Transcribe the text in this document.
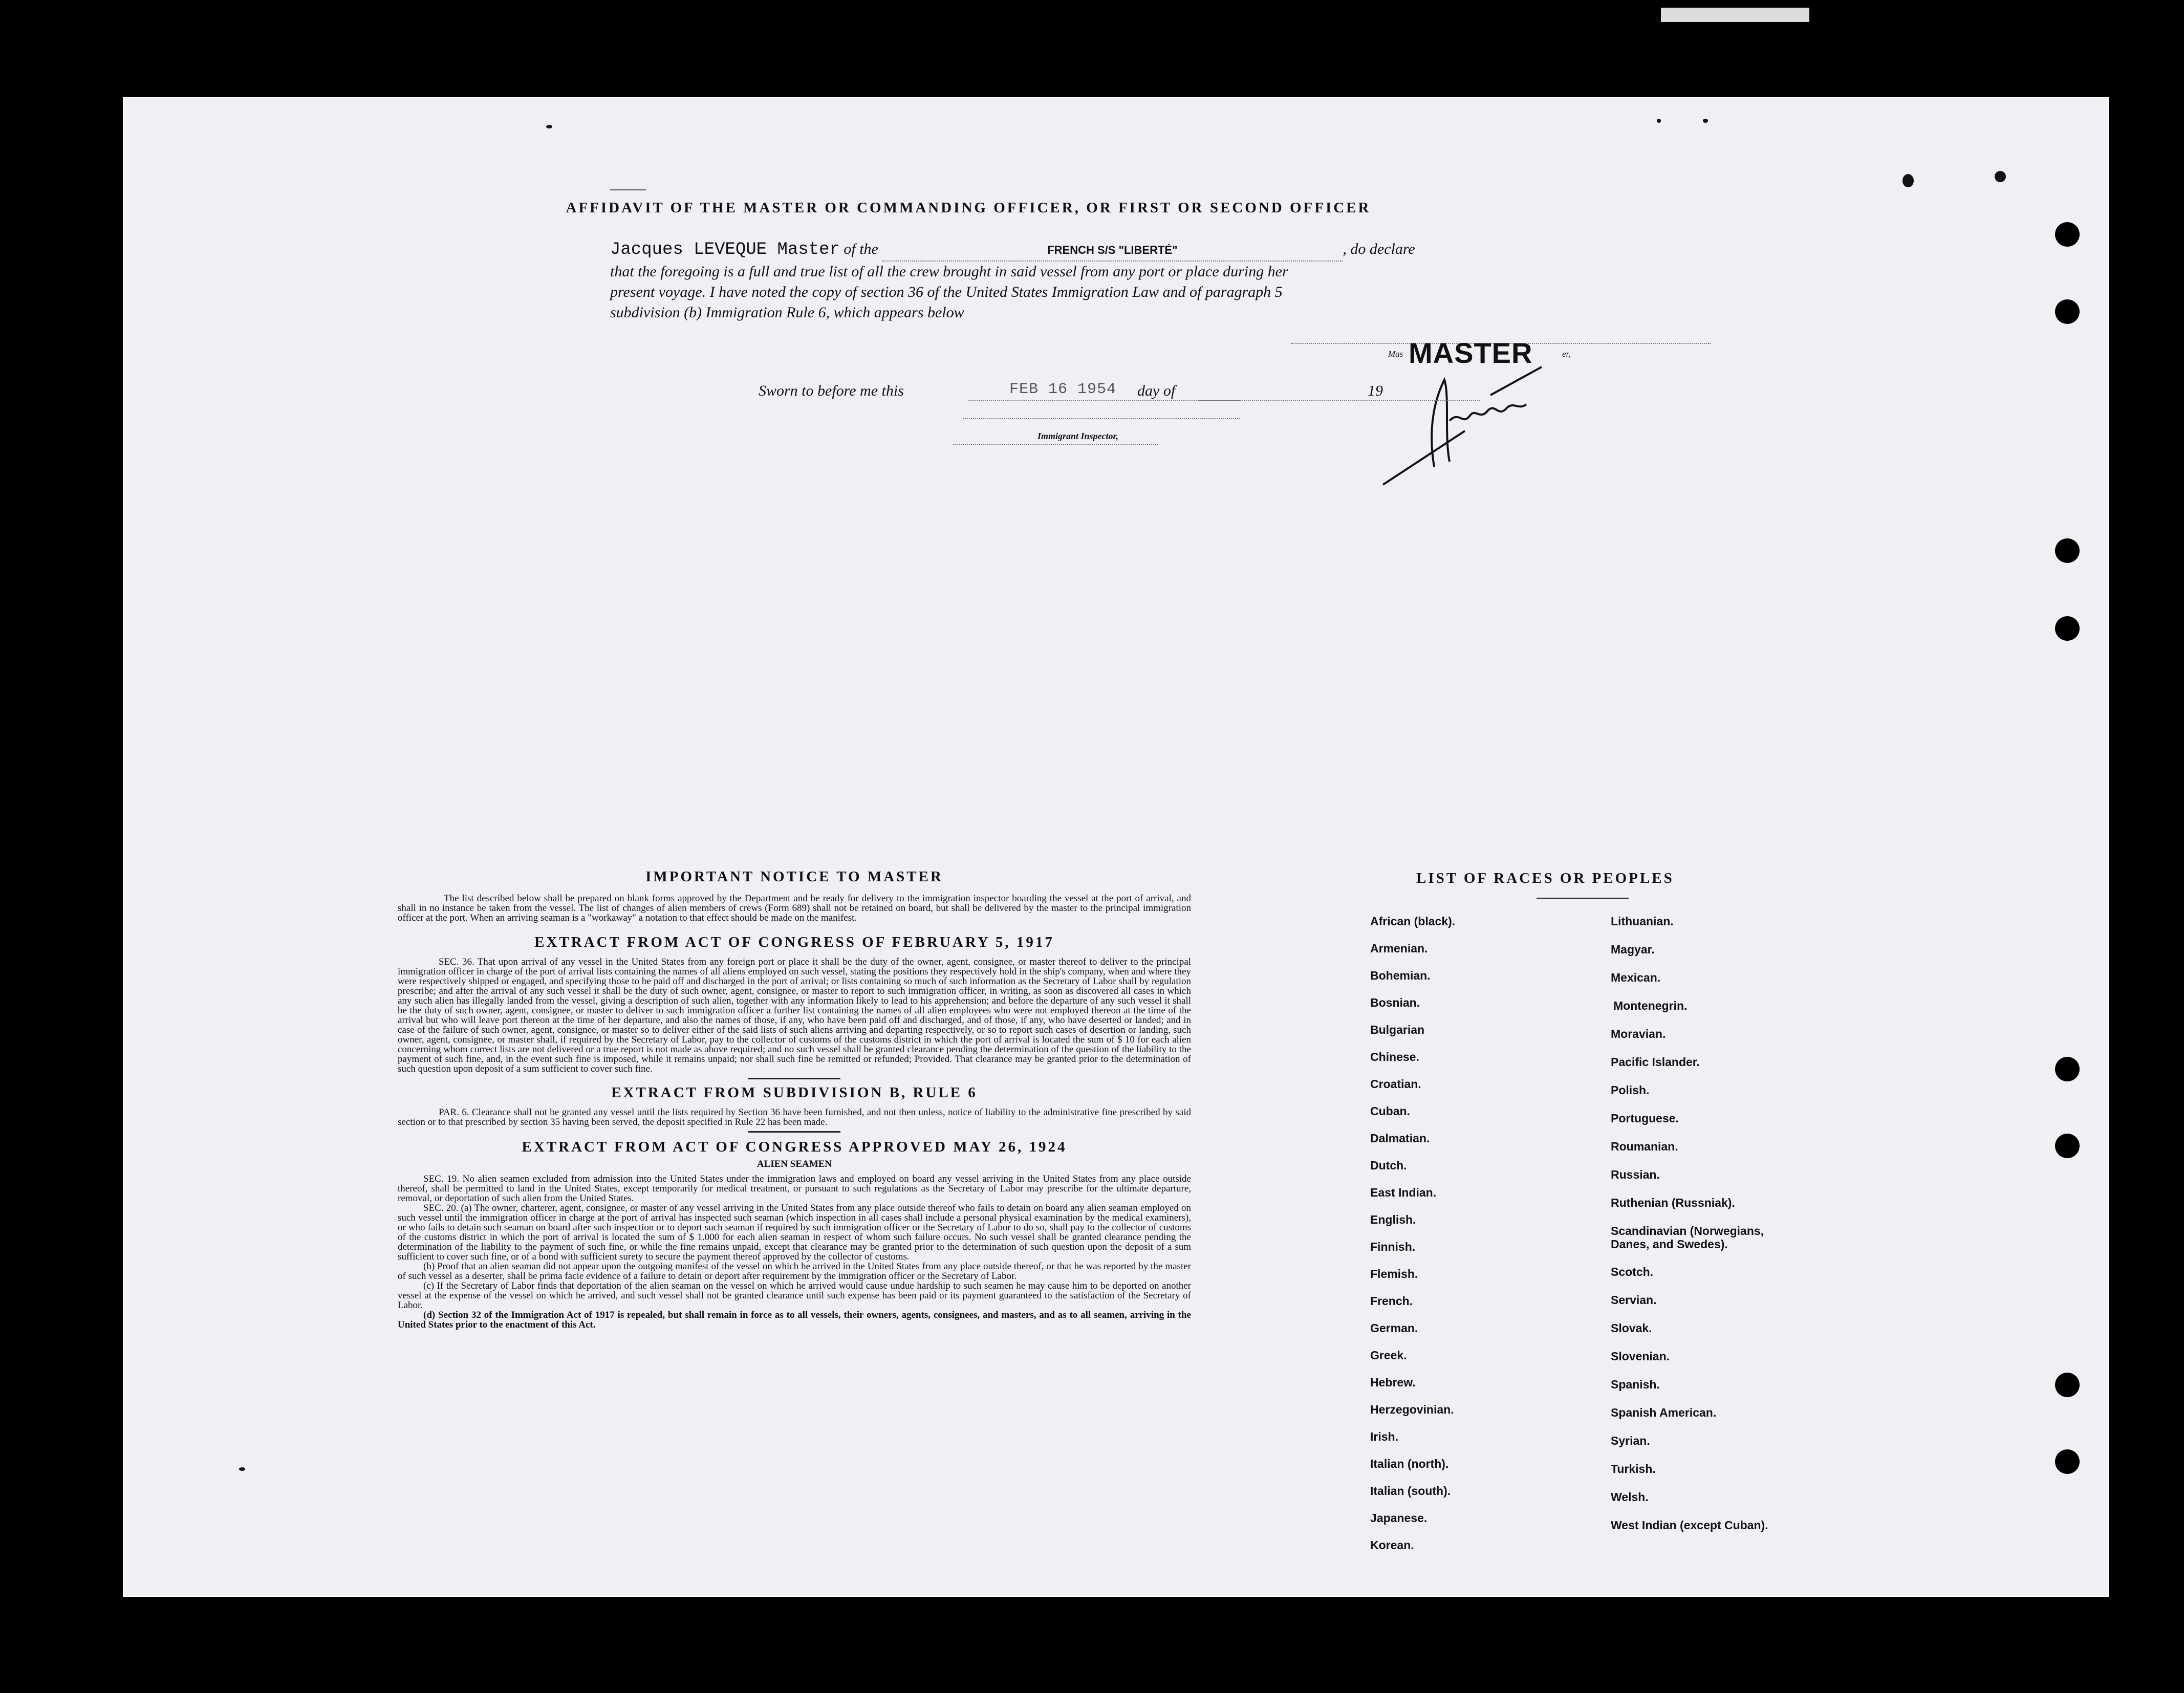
AFFIDAVIT OF THE MASTER OR COMMANDING OFFICER, OR FIRST OR SECOND OFFICER
Jacques LEVEQUE Master of the	FRENCH S/S "LIBERTÉ"	, do declare
that the foregoing is a full and true list of all the crew brought in said vessel from any port or place during her
present voyage. I have noted the copy of section 36 of the United States Immigration Law and of paragraph 5
subdivision (b) Immigration Rule 6, which appears below
Mas	er,
MASTER
Sworn to before me this	FEB 16 1954 day of	19
Immigrant Inspector,
IMPORTANT NOTICE TO MASTER
The list described below shall be prepared on blank forms approved by the Department and be ready for delivery to the immigration inspector boarding the vessel at the port of arrival, and shall in no instance be taken from the vessel. The list of changes of alien members of crews (Form 689) shall not be retained on board, but shall be delivered by the master to the principal immigration officer at the port. When an arriving seaman is a "workaway" a notation to that effect should be made on the manifest.
EXTRACT FROM ACT OF CONGRESS OF FEBRUARY 5, 1917
SEC. 36. That upon arrival of any vessel in the United States from any foreign port or place it shall be the duty of the owner, agent, consignee, or master thereof to deliver to the principal immigration officer in charge of the port of arrival lists containing the names of all aliens employed on such vessel, stating the positions they respectively hold in the ship's company, when and where they were respectively shipped or engaged, and specifying those to be paid off and discharged in the port of arrival; or lists containing so much of such information as the Secretary of Labor shall by regulation prescribe; and after the arrival of any such vessel it shall be the duty of such owner, agent, consignee, or master to report to such immigration officer, in writing, as soon as discovered all cases in which any such alien has illegally landed from the vessel, giving a description of such alien, together with any information likely to lead to his apprehension; and before the departure of any such vessel it shall be the duty of such owner, agent, consignee, or master to deliver to such immigration officer a further list containing the names of all alien employees who were not employed thereon at the time of the arrival but who will leave port thereon at the time of her departure, and also the names of those, if any, who have been paid off and discharged, and of those, if any, who have deserted or landed; and in case of the failure of such owner, agent, consignee, or master so to deliver either of the said lists of such aliens arriving and departing respectively, or so to report such cases of desertion or landing, such owner, agent, consignee, or master shall, if required by the Secretary of Labor, pay to the collector of customs of the customs district in which the port of arrival is located the sum of $ 10 for each alien concerning whom correct lists are not delivered or a true report is not made as above required; and no such vessel shall be granted clearance pending the determination of the question of the liability to the payment of such fine, and, in the event such fine is imposed, while it remains unpaid; nor shall such fine be remitted or refunded; Provided. That clearance may be granted prior to the determination of such question upon deposit of a sum sufficient to cover such fine.
EXTRACT FROM SUBDIVISION B, RULE 6
PAR. 6. Clearance shall not be granted any vessel until the lists required by Section 36 have been furnished, and not then unless, notice of liability to the administrative fine prescribed by said section or to that prescribed by section 35 having been served, the deposit specified in Rule 22 has been made.
EXTRACT FROM ACT OF CONGRESS APPROVED MAY 26, 1924
ALIEN SEAMEN
SEC. 19. No alien seamen excluded from admission into the United States under the immigration laws and employed on board any vessel arriving in the United States from any place outside thereof, shall be permitted to land in the United States, except temporarily for medical treatment, or pursuant to such regulations as the Secretary of Labor may prescribe for the ultimate departure, removal, or deportation of such alien from the United States.
SEC. 20. (a) The owner, charterer, agent, consignee, or master of any vessel arriving in the United States from any place outside thereof who fails to detain on board any alien seaman employed on such vessel until the immigration officer in charge at the port of arrival has inspected such seaman (which inspection in all cases shall include a personal physical examination by the medical examiners), or who fails to detain such seaman on board after such inspection or to deport such seaman if required by such immigration officer or the Secretary of Labor to do so, shall pay to the collector of customs of the customs district in which the port of arrival is located the sum of $ 1.000 for each alien seaman in respect of whom such failure occurs. No such vessel shall be granted clearance pending the determination of the liability to the payment of such fine, or while the fine remains unpaid, except that clearance may be granted prior to the determination of such question upon the deposit of a sum sufficient to cover such fine, or of a bond with sufficient surety to secure the payment thereof approved by the collector of customs.
(b) Proof that an alien seaman did not appear upon the outgoing manifest of the vessel on which he arrived in the United States from any place outside thereof, or that he was reported by the master of such vessel as a deserter, shall be prima facie evidence of a failure to detain or deport after requirement by the immigration officer or the Secretary of Labor.
(c) If the Secretary of Labor finds that deportation of the alien seaman on the vessel on which he arrived would cause undue hardship to such seamen he may cause him to be deported on another vessel at the expense of the vessel on which he arrived, and such vessel shall not be granted clearance until such expense has been paid or its payment guaranteed to the satisfaction of the Secretary of Labor.
(d) Section 32 of the Immigration Act of 1917 is repealed, but shall remain in force as to all vessels, their owners, agents, consignees, and masters, and as to all seamen, arriving in the United States prior to the enactment of this Act.
LIST OF RACES OR PEOPLES
African (black).
Armenian.
Bohemian.
Bosnian.
Bulgarian
Chinese.
Croatian.
Cuban.
Dalmatian.
Dutch.
East Indian.
English.
Finnish.
Flemish.
French.
German.
Greek.
Hebrew.
Herzegovinian.
Irish.
Italian (north).
Italian (south).
Japanese.
Korean.
Lithuanian.
Magyar.
Mexican.
Montenegrin.
Moravian.
Pacific Islander.
Polish.
Portuguese.
Roumanian.
Russian.
Ruthenian (Russniak).
Scandinavian (Norwegians, Danes, and Swedes).
Scotch.
Servian.
Slovak.
Slovenian.
Spanish.
Spanish American.
Syrian.
Turkish.
Welsh.
West Indian (except Cuban).
